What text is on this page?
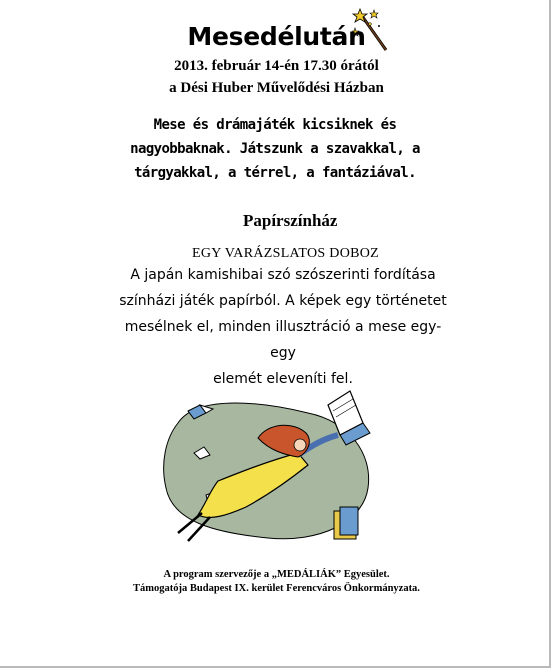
Mesedélután
2013. február 14-én 17.30 órától
a Dési Huber Művelődési Házban
Mese és drámajáték kicsiknek és
nagyobbaknak. Játszunk a szavakkal, a
tárgyakkal, a térrel, a fantáziával.
Papírszínház
EGY VARÁZSLATOS DOBOZ
A japán kamishibai szó szószerinti fordítása
színházi játék papírból. A képek egy történetet
mesélnek el, minden illusztráció a mese egy-egy
elemét eleveníti fel.
A program szervezője a „MEDÁLIÁK” Egyesület.
Támogatója Budapest IX. kerület Ferencváros Önkormányzata.
